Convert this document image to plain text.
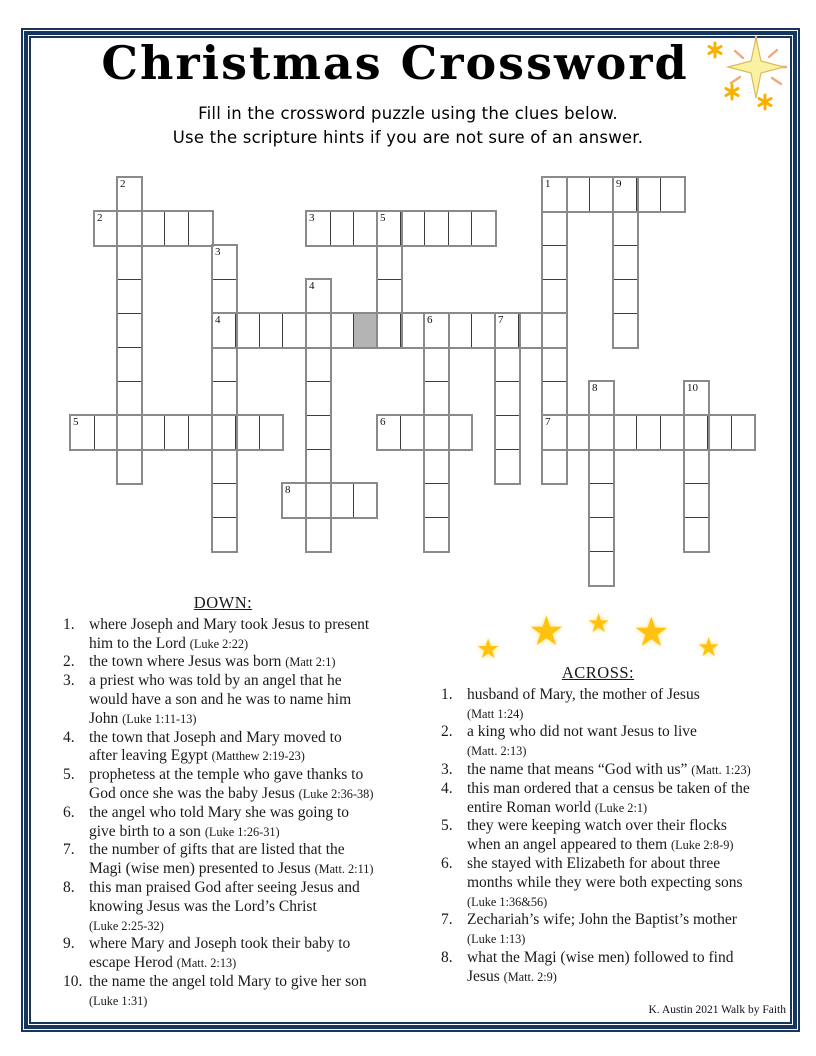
Christmas Crossword
Fill in the crossword puzzle using the clues below.
Use the scripture hints if you are not sure of an answer.
1
2	3
4
5	6	7
8
2
3
4
5
6	7
8
9
10
★ ★ ★ ★ ★
DOWN:
1. where Joseph and Mary took Jesus to present
him to the Lord (Luke 2:22)
2. the town where Jesus was born (Matt 2:1)
3. a priest who was told by an angel that he
would have a son and he was to name him
John (Luke 1:11-13)
4. the town that Joseph and Mary moved to
after leaving Egypt (Matthew 2:19-23)
5. prophetess at the temple who gave thanks to
God once she was the baby Jesus (Luke 2:36-38)
6. the angel who told Mary she was going to
give birth to a son (Luke 1:26-31)
7. the number of gifts that are listed that the
Magi (wise men) presented to Jesus (Matt. 2:11)
8. this man praised God after seeing Jesus and
knowing Jesus was the Lord’s Christ
(Luke 2:25-32)
9. where Mary and Joseph took their baby to
escape Herod (Matt. 2:13)
10. the name the angel told Mary to give her son
(Luke 1:31)
ACROSS:
1. husband of Mary, the mother of Jesus
(Matt 1:24)
2. a king who did not want Jesus to live
(Matt. 2:13)
3. the name that means “God with us” (Matt. 1:23)
4. this man ordered that a census be taken of the
entire Roman world (Luke 2:1)
5. they were keeping watch over their flocks
when an angel appeared to them (Luke 2:8-9)
6. she stayed with Elizabeth for about three
months while they were both expecting sons
(Luke 1:36&56)
7. Zechariah’s wife; John the Baptist’s mother
(Luke 1:13)
8. what the Magi (wise men) followed to find
Jesus (Matt. 2:9)
K. Austin 2021 Walk by Faith
